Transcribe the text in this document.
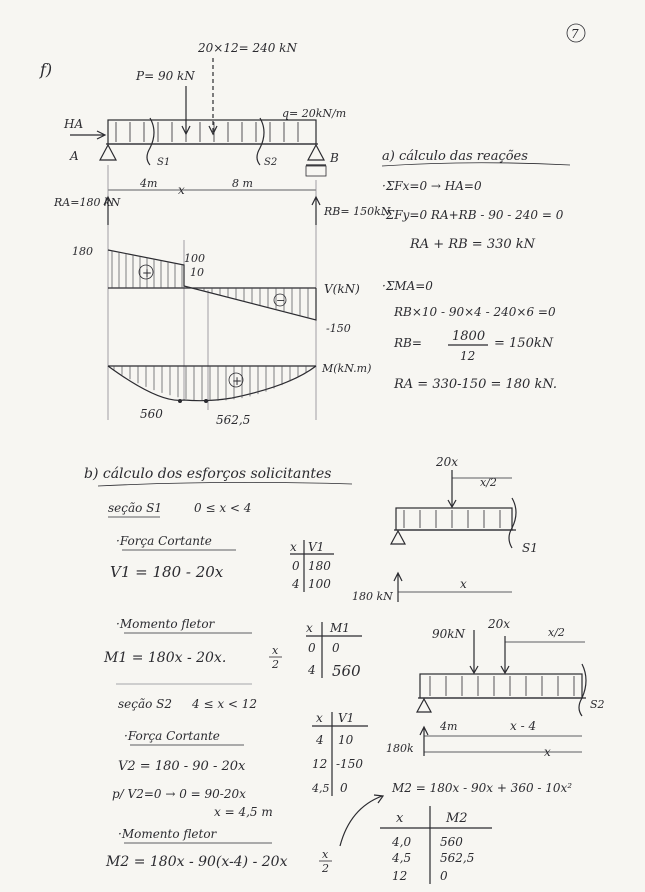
7
f)
20×12= 240 kN
P= 90 kN
q= 20kN/m
S1	S2
HA
A	B
4m	8 m
x
RA=180 kN
RB= 150kN
180
100
10
-150
+
−
V(kN)
+
M(kN.m)
560	562,5
a) cálculo das reações
·ΣFx=0 → HA=0
·ΣFy=0 RA+RB - 90 - 240 = 0
RA + RB = 330 kN
·ΣMA=0
RB×10 - 90×4 - 240×6 =0
RB= 1800
12
= 150kN
RA = 330-150 = 180 kN.
b) cálculo dos esforços solicitantes
seção S1	0 ≤ x < 4
·Força Cortante
V1 = 180 - 20x
·Momento fletor
M1 = 180x - 20x.	x
2
seção S2 4 ≤ x < 12
·Força Cortante
V2 = 180 - 90 - 20x
p/ V2=0 → 0 = 90-20x
x = 4,5 m
·Momento fletor
M2 = 180x - 90(x-4) - 20x	x
2
M2 = 180x - 90x + 360 - 10x²
x V1
0 180
4 100
x M1
0 0
4 560
x V1
4 10
12 -150
4,5 0
x	M2
4,0 560
4,5 562,5
12	0
20x
x/2
S1
180 kN
x
90kN
20x
x/2
S2
180k
4m	x - 4
x
